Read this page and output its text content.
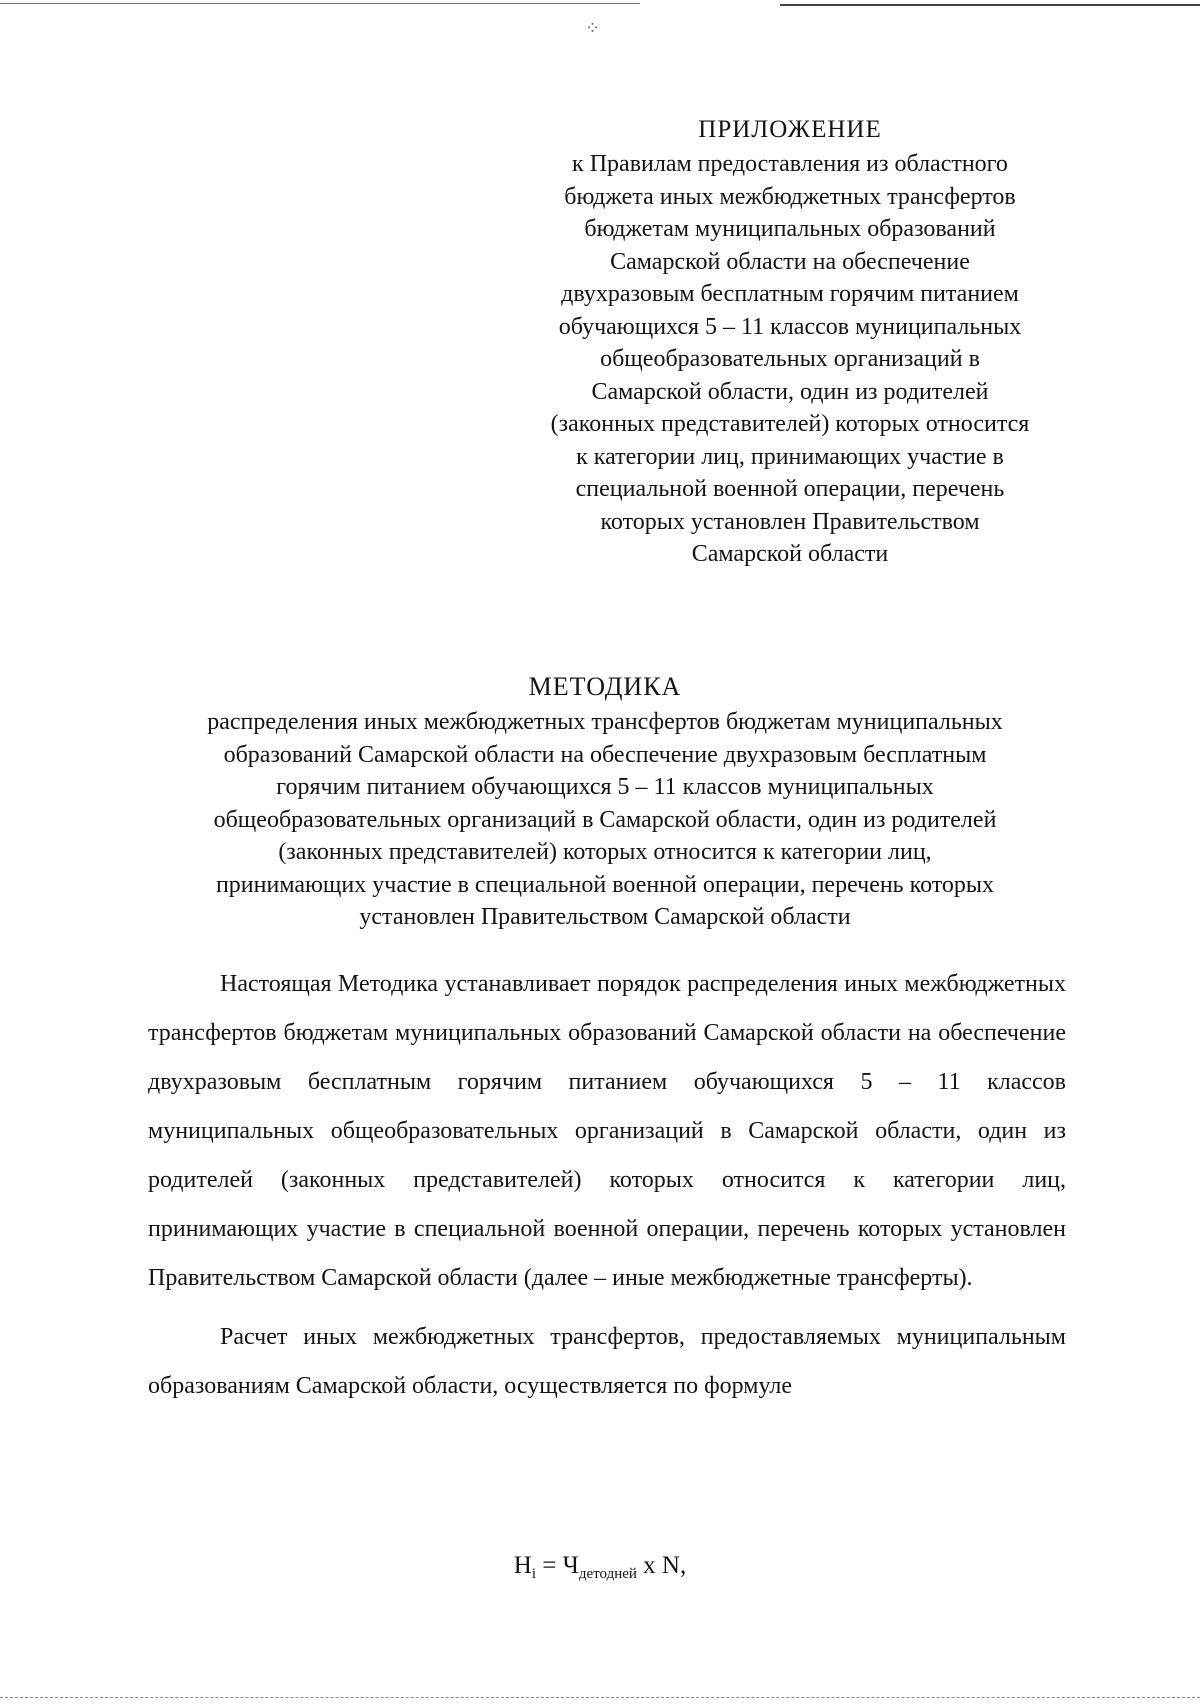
⁘
ПРИЛОЖЕНИЕ
к Правилам предоставления из областного
бюджета иных межбюджетных трансфертов
бюджетам муниципальных образований
Самарской области на обеспечение
двухразовым бесплатным горячим питанием
обучающихся 5 – 11 классов муниципальных
общеобразовательных организаций в
Самарской области, один из родителей
(законных представителей) которых относится
к категории лиц, принимающих участие в
специальной военной операции, перечень
которых установлен Правительством
Самарской области
МЕТОДИКА
распределения иных межбюджетных трансфертов бюджетам муниципальных
образований Самарской области на обеспечение двухразовым бесплатным
горячим питанием обучающихся 5 – 11 классов муниципальных
общеобразовательных организаций в Самарской области, один из родителей
(законных представителей) которых относится к категории лиц,
принимающих участие в специальной военной операции, перечень которых
установлен Правительством Самарской области

Настоящая Методика устанавливает порядок распределения иных межбюджетных трансфертов бюджетам муниципальных образований Самарской области на обеспечение двухразовым бесплатным горячим питанием обучающихся 5 – 11 классов муниципальных общеобразовательных организаций в Самарской области, один из родителей (законных представителей) которых относится к категории лиц, принимающих участие в специальной военной операции, перечень которых установлен Правительством Самарской области (далее – иные межбюджетные трансферты).

Расчет иных межбюджетных трансфертов, предоставляемых муниципальным образованиям Самарской области, осуществляется по формуле

$Н_i = Ч_{детодней}$ x N,
